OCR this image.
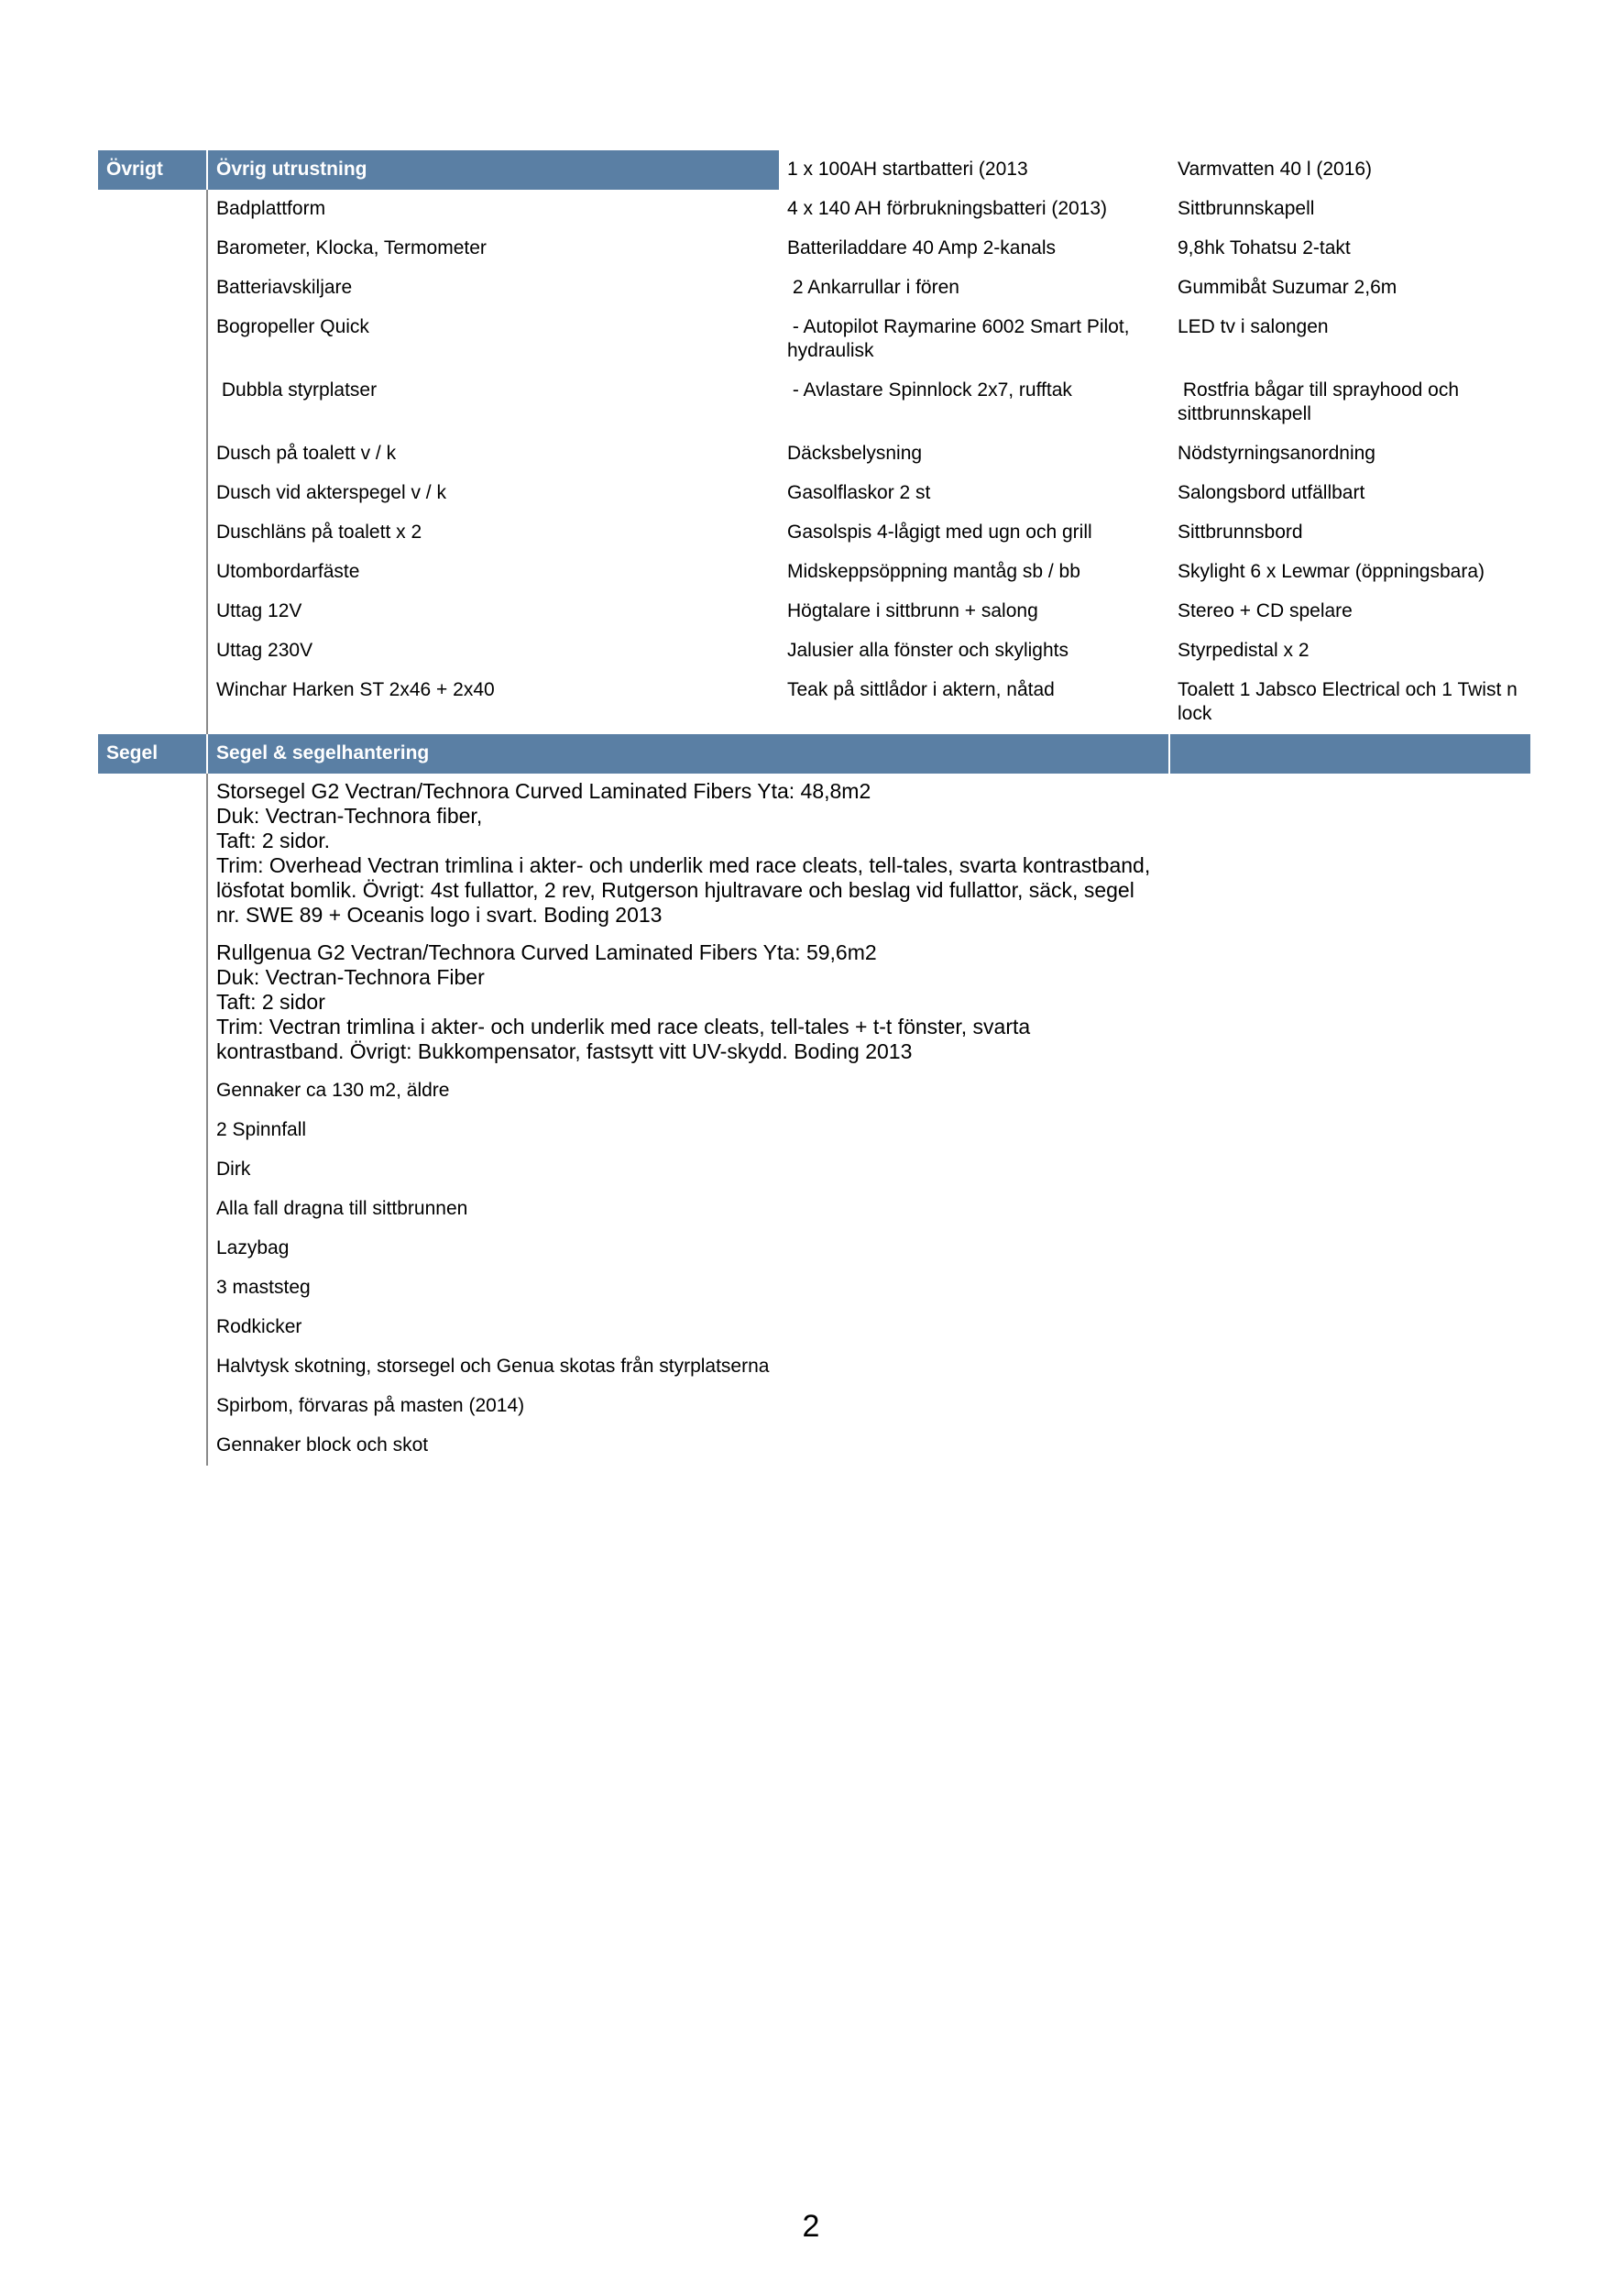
Övrigt	Övrig utrustning	1 x 100AH startbatteri (2013	Varmvatten 40 l (2016)
	Badplattform	4 x 140 AH förbrukningsbatteri (2013)	Sittbrunnskapell
	Barometer, Klocka, Termometer	Batteriladdare 40 Amp 2-kanals	9,8hk Tohatsu 2-takt
	Batteriavskiljare	2 Ankarrullar i fören	Gummibåt Suzumar 2,6m
	Bogropeller Quick	- Autopilot Raymarine 6002 Smart Pilot, hydraulisk	LED tv i salongen
	Dubbla styrplatser	- Avlastare Spinnlock 2x7, rufftak	Rostfria bågar till sprayhood och sittbrunnskapell
	Dusch på toalett v / k	Däcksbelysning	Nödstyrningsanordning
	Dusch vid akterspegel v / k	Gasolflaskor 2 st	Salongsbord utfällbart
	Duschläns på toalett x 2	Gasolspis 4-lågigt med ugn och grill	Sittbrunnsbord
	Utombordarfäste	Midskeppsöppning mantåg sb / bb	Skylight 6 x Lewmar (öppningsbara)
	Uttag 12V	Högtalare i sittbrunn + salong	Stereo + CD spelare
	Uttag 230V	Jalusier alla fönster och skylights	Styrpedistal x 2
	Winchar Harken ST 2x46 + 2x40	Teak på sittlådor i aktern, nåtad	Toalett 1 Jabsco Electrical och 1 Twist n lock
Segel	Segel & segelhantering		
	Storsegel G2 Vectran/Technora Curved Laminated Fibers Yta: 48,8m2
Duk: Vectran-Technora fiber,
Taft: 2 sidor.
Trim: Overhead Vectran trimlina i akter- och underlik med race cleats, tell-tales, svarta kontrastband, lösfotat bomlik. Övrigt: 4st fullattor, 2 rev, Rutgerson hjultravare och beslag vid fullattor, säck, segel nr. SWE 89 + Oceanis logo i svart. Boding 2013		
	Rullgenua G2 Vectran/Technora Curved Laminated Fibers Yta: 59,6m2
Duk: Vectran-Technora Fiber
Taft: 2 sidor
Trim: Vectran trimlina i akter- och underlik med race cleats, tell-tales + t-t fönster, svarta kontrastband. Övrigt: Bukkompensator, fastsytt vitt UV-skydd. Boding 2013		
	Gennaker ca 130 m2, äldre		
	2 Spinnfall		
	Dirk		
	Alla fall dragna till sittbrunnen		
	Lazybag		
	3 maststeg		
	Rodkicker		
	Halvtysk skotning, storsegel och Genua skotas från styrplatserna		
	Spirbom, förvaras på masten (2014)		
	Gennaker block och skot		
2
